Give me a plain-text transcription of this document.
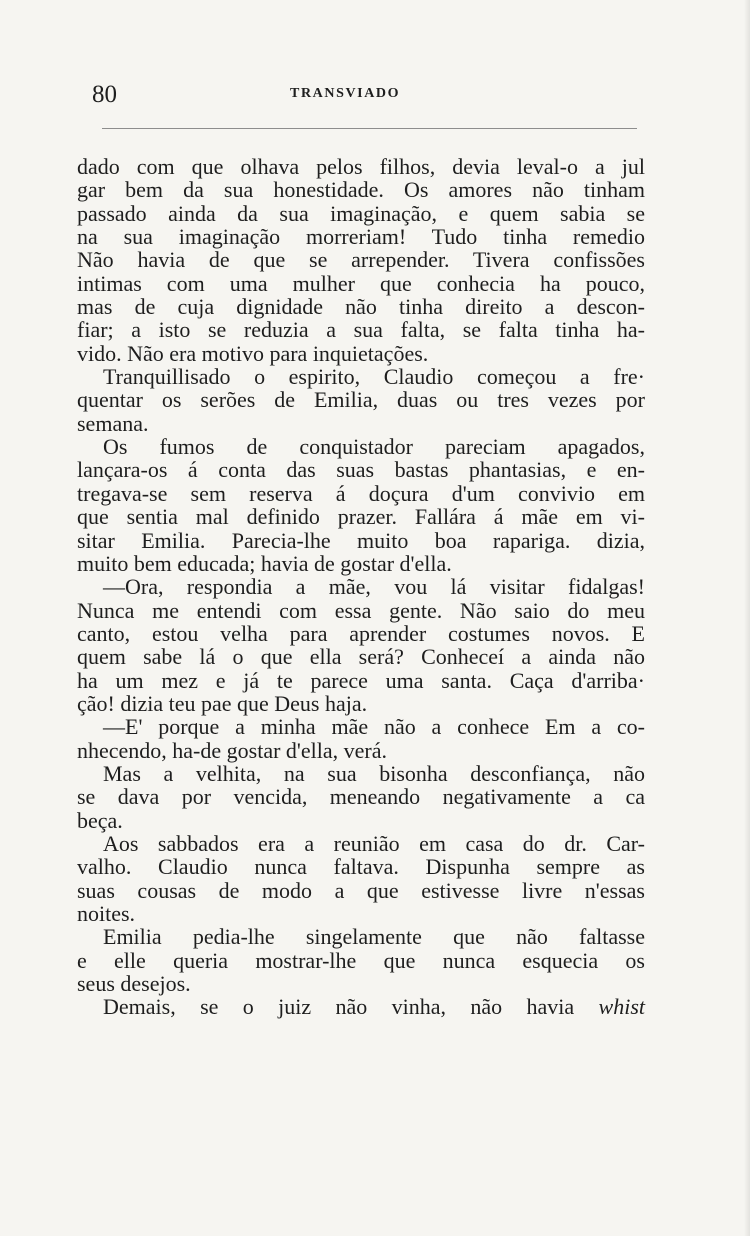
80	TRANSVIADO
dado com que olhava pelos filhos, devia leval-o a jul
gar bem da sua honestidade. Os amores não tinham
passado ainda da sua imaginação, e quem sabia se
na sua imaginação morreriam! Tudo tinha remedio
Não havia de que se arrepender. Tivera confissões
intimas com uma mulher que conhecia ha pouco,
mas de cuja dignidade não tinha direito a descon-
fiar; a isto se reduzia a sua falta, se falta tinha ha-
vido. Não era motivo para inquietações.
Tranquillisado o espirito, Claudio começou a fre·
quentar os serões de Emilia, duas ou tres vezes por
semana.
Os fumos de conquistador pareciam apagados,
lançara-os á conta das suas bastas phantasias, e en-
tregava-se sem reserva á doçura d'um convivio em
que sentia mal definido prazer. Fallára á mãe em vi-
sitar Emilia. Parecia-lhe muito boa rapariga. dizia,
muito bem educada; havia de gostar d'ella.
—Ora, respondia a mãe, vou lá visitar fidalgas!
Nunca me entendi com essa gente. Não saio do meu
canto, estou velha para aprender costumes novos. E
quem sabe lá o que ella será? Conheceí a ainda não
ha um mez e já te parece uma santa. Caça d'arriba·
ção! dizia teu pae que Deus haja.
—E' porque a minha mãe não a conhece Em a co-
nhecendo, ha-de gostar d'ella, verá.
Mas a velhita, na sua bisonha desconfiança, não
se dava por vencida, meneando negativamente a ca
beça.
Aos sabbados era a reunião em casa do dr. Car-
valho. Claudio nunca faltava. Dispunha sempre as
suas cousas de modo a que estivesse livre n'essas
noites.
Emilia pedia-lhe singelamente que não faltasse
e elle queria mostrar-lhe que nunca esquecia os
seus desejos.
Demais, se o juiz não vinha, não havia whist
